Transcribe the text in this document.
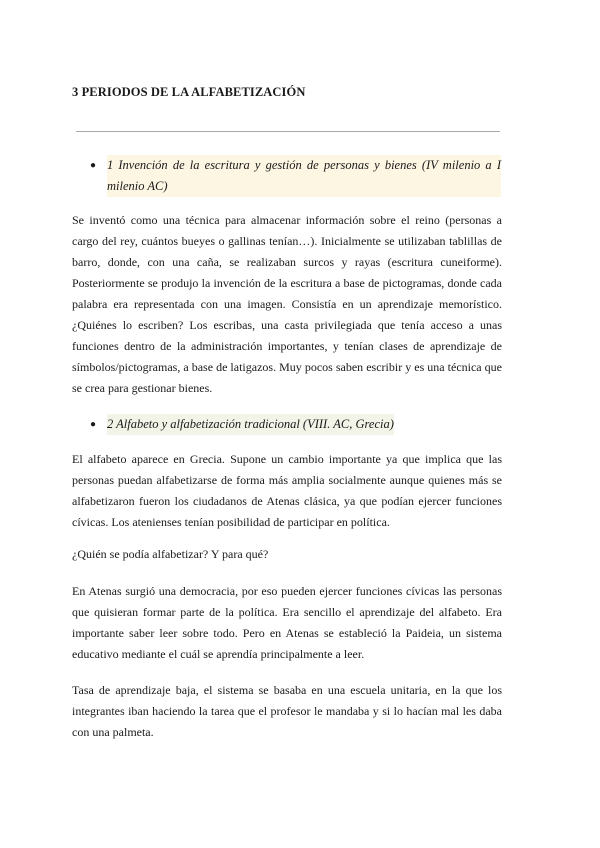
3 PERIODOS DE LA ALFABETIZACIÓN
● 1 Invención de la escritura y gestión de personas y bienes (IV milenio a I milenio AC)

Se inventó como una técnica para almacenar información sobre el reino (personas a cargo del rey, cuántos bueyes o gallinas tenían…). Inicialmente se utilizaban tablillas de barro, donde, con una caña, se realizaban surcos y rayas (escritura cuneiforme). Posteriormente se produjo la invención de la escritura a base de pictogramas, donde cada palabra era representada con una imagen. Consistía en un aprendizaje memorístico. ¿Quiénes lo escriben? Los escribas, una casta privilegiada que tenía acceso a unas funciones dentro de la administración importantes, y tenían clases de aprendizaje de símbolos/pictogramas, a base de latigazos. Muy pocos saben escribir y es una técnica que se crea para gestionar bienes.

● 2 Alfabeto y alfabetización tradicional (VIII. AC, Grecia)

El alfabeto aparece en Grecia. Supone un cambio importante ya que implica que las personas puedan alfabetizarse de forma más amplia socialmente aunque quienes más se alfabetizaron fueron los ciudadanos de Atenas clásica, ya que podían ejercer funciones cívicas. Los atenienses tenían posibilidad de participar en política.

¿Quién se podía alfabetizar? Y para qué?

En Atenas surgió una democracia, por eso pueden ejercer funciones cívicas las personas que quisieran formar parte de la política. Era sencillo el aprendizaje del alfabeto. Era importante saber leer sobre todo. Pero en Atenas se estableció la Paideia, un sistema educativo mediante el cuál se aprendía principalmente a leer.

Tasa de aprendizaje baja, el sistema se basaba en una escuela unitaria, en la que los integrantes iban haciendo la tarea que el profesor le mandaba y si lo hacían mal les daba con una palmeta.
